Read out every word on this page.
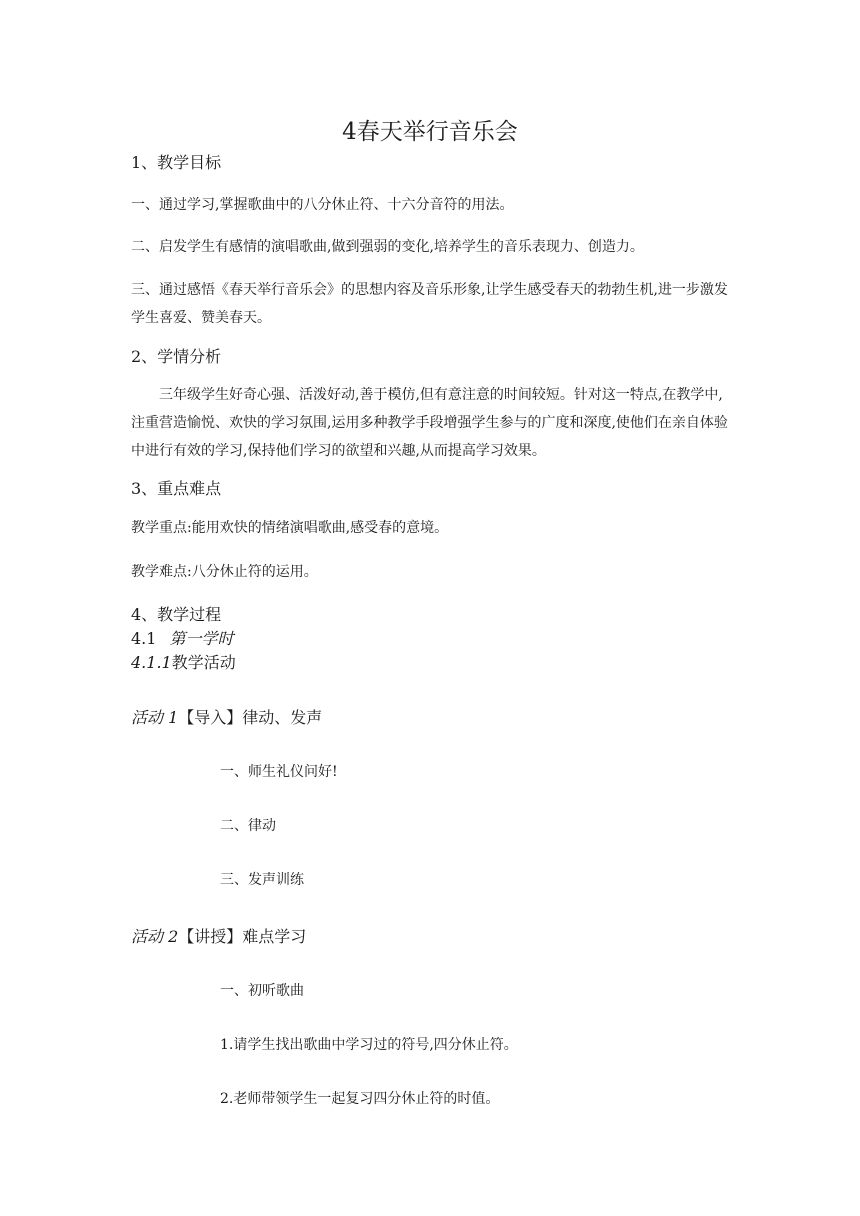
4春天举行音乐会
1、教学目标
一、通过学习,掌握歌曲中的八分休止符、十六分音符的用法。
二、启发学生有感情的演唱歌曲,做到强弱的变化,培养学生的音乐表现力、创造力。
三、通过感悟《春天举行音乐会》的思想内容及音乐形象,让学生感受春天的勃勃生机,进一步激发学生喜爱、赞美春天。
2、学情分析
三年级学生好奇心强、活泼好动,善于模仿,但有意注意的时间较短。针对这一特点,在教学中,注重营造愉悦、欢快的学习氛围,运用多种教学手段增强学生参与的广度和深度,使他们在亲自体验中进行有效的学习,保持他们学习的欲望和兴趣,从而提高学习效果。
3、重点难点
教学重点:能用欢快的情绪演唱歌曲,感受春的意境。
教学难点:八分休止符的运用。
4、教学过程
4.1 第一学时
4.1.1教学活动
活动 1【导入】律动、发声
一、师生礼仪问好!
二、律动
三、发声训练
活动 2【讲授】难点学习
一、初听歌曲
1.请学生找出歌曲中学习过的符号,四分休止符。
2.老师带领学生一起复习四分休止符的时值。
